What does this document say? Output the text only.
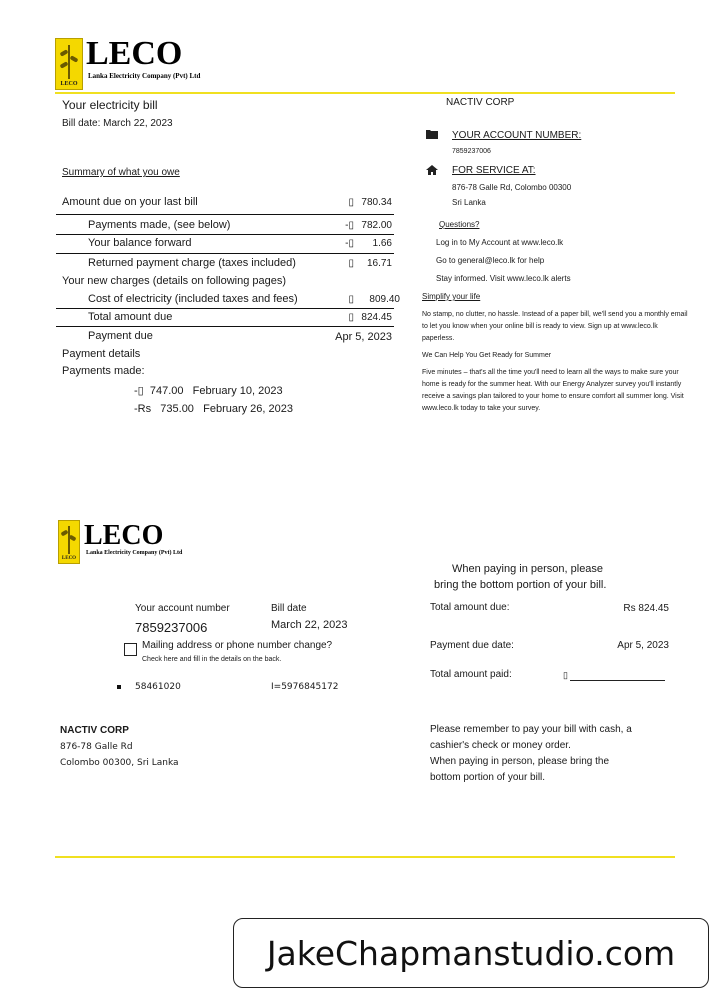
LECO
LECO
Lanka Electricity Company (Pvt) Ltd
Your electricity bill
Bill date: March 22, 2023
Summary of what you owe
Amount due on your last bill	▯ 780.34
Payments made, (see below)	-▯ 782.00
Your balance forward	-▯	1.66
Returned payment charge (taxes included)	▯	16.71
Your new charges (details on following pages)
Cost of electricity (included taxes and fees)	▯	809.40
Total amount due	▯ 824.45
Payment due	Apr 5, 2023
Payment details
Payments made:
-▯ 747.00 February 10, 2023
-Rs 735.00 February 26, 2023
NACTIV CORP
YOUR ACCOUNT NUMBER:
7859237006
FOR SERVICE AT:
876-78 Galle Rd, Colombo 00300
Sri Lanka
Questions?
Log in to My Account at www.leco.lk
Go to general@leco.lk for help
Stay informed. Visit www.leco.lk alerts
Simplify your life
No stamp, no clutter, no hassle. Instead of a paper bill, we'll send you a monthly email to let you know when your online bill is ready to view. Sign up at www.leco.lk paperless.
We Can Help You Get Ready for Summer
Five minutes – that's all the time you'll need to learn all the ways to make sure your home is ready for the summer heat. With our Energy Analyzer survey you'll instantly receive a savings plan tailored to your home to ensure comfort all summer long. Visit www.leco.lk today to take your survey.
LECO
LECO
Lanka Electricity Company (Pvt) Ltd
Your account number
7859237006
Bill date
March 22, 2023
Mailing address or phone number change?
Check here and fill in the details on the back.
58461020	I=5976845172
NACTIV CORP
876-78 Galle Rd
Colombo 00300, Sri Lanka
When paying in person, please
bring the bottom portion of your bill.
Total amount due:	Rs 824.45
Payment due date:	Apr 5, 2023
Total amount paid:	▯
Please remember to pay your bill with cash, a
cashier's check or money order.
When paying in person, please bring the
bottom portion of your bill.
JakeChapmanstudio.com
